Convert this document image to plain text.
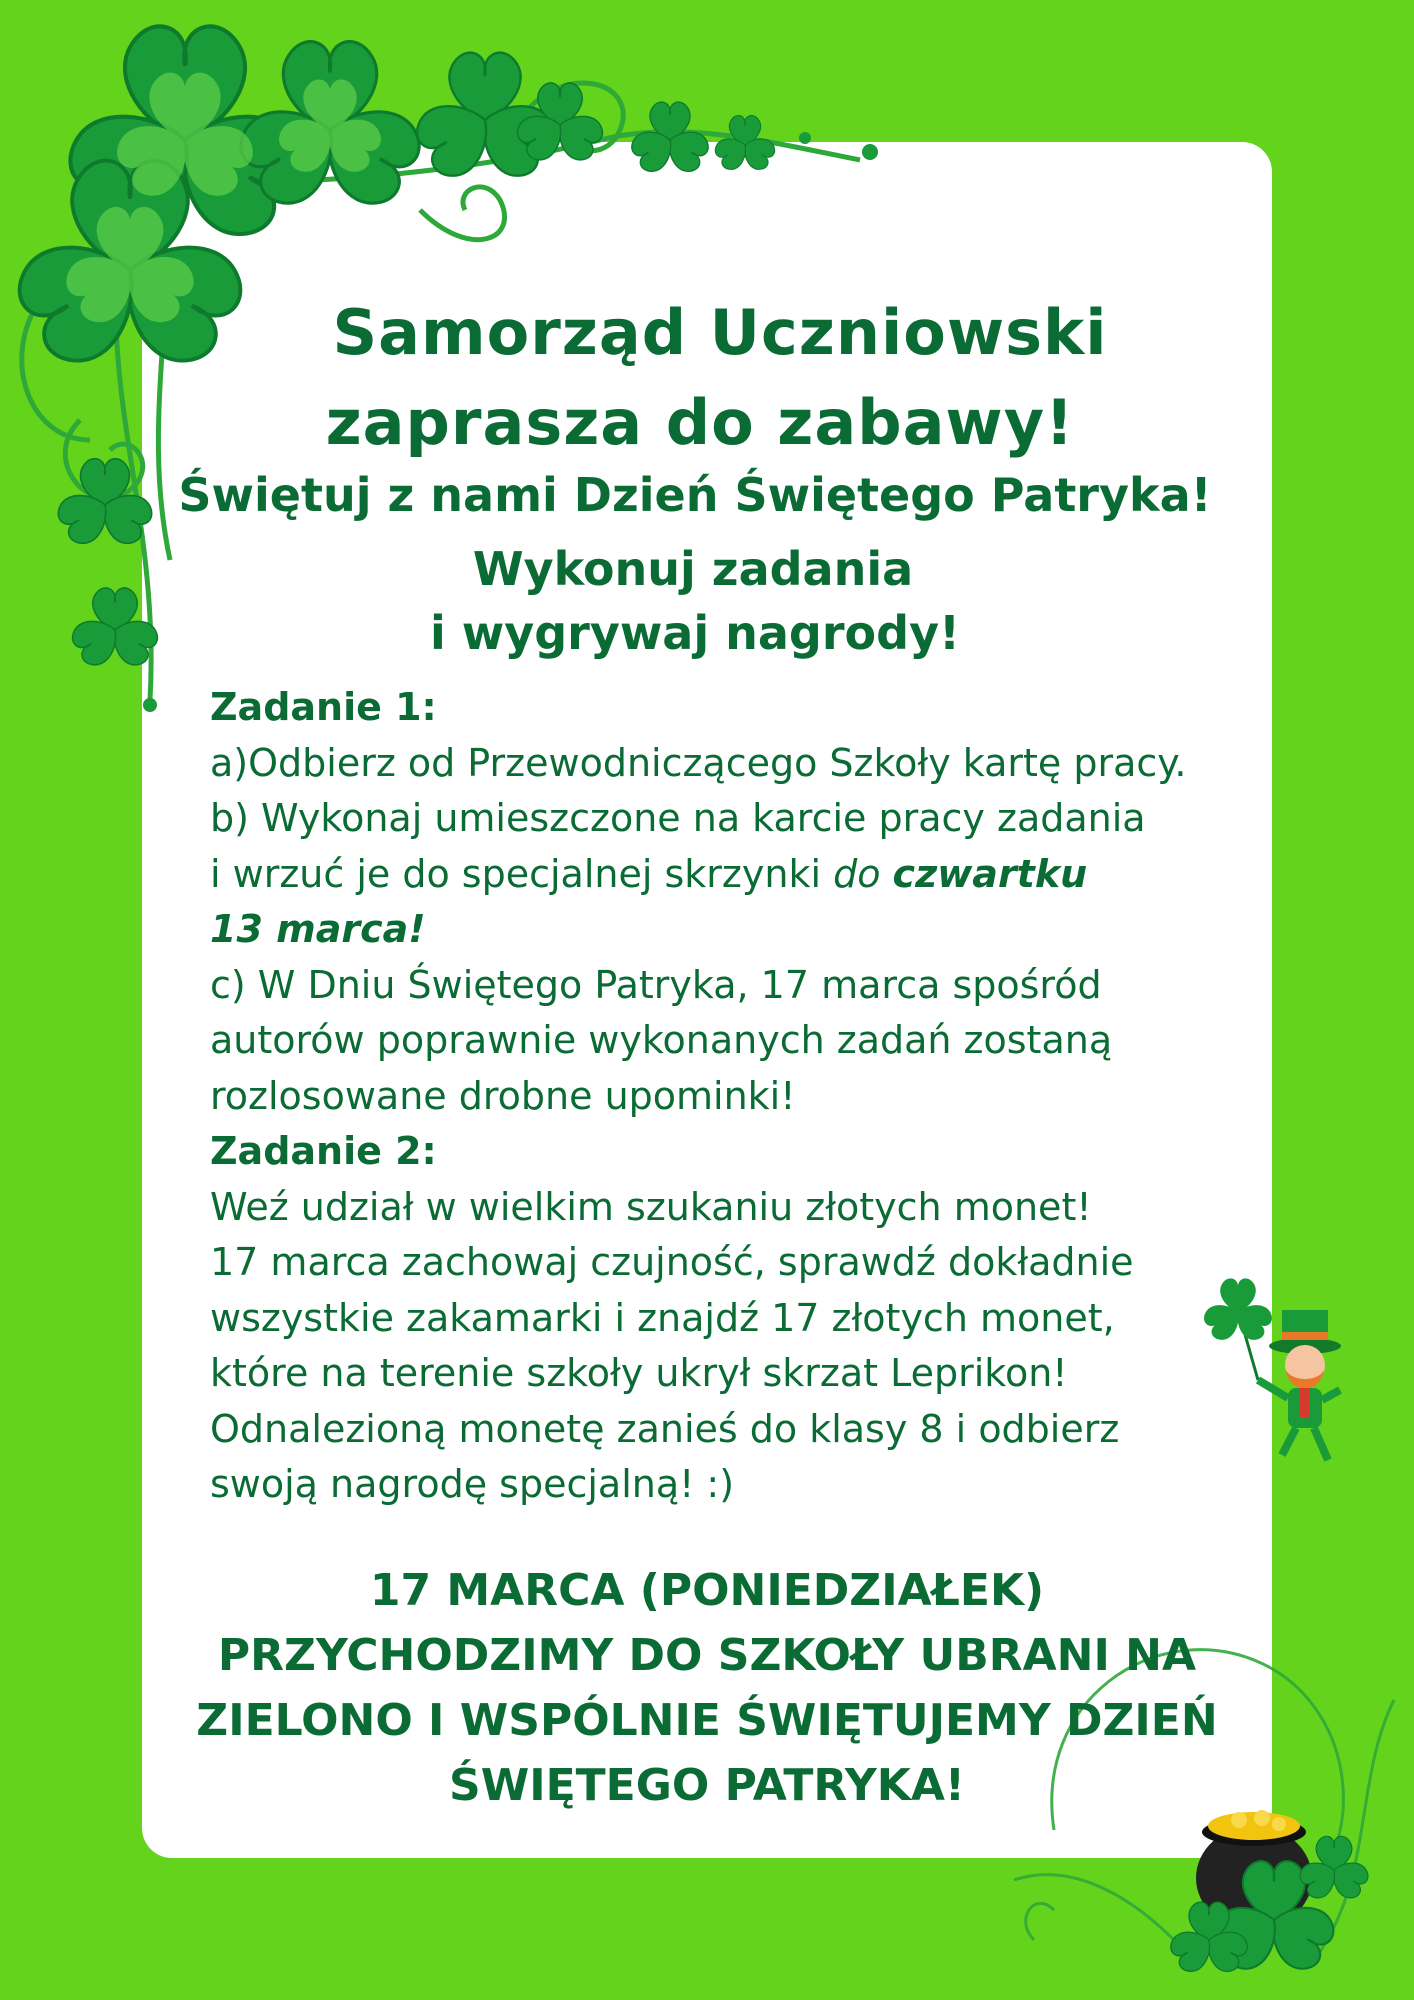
Samorząd Uczniowski
zaprasza do zabawy!

Świętuj z nami Dzień Świętego Patryka!

Wykonuj zadania

i wygrywaj nagrody!

Zadanie 1:

a)Odbierz od Przewodniczącego Szkoły kartę pracy.

b) Wykonaj umieszczone na karcie pracy zadania

i wrzuć je do specjalnej skrzynki do czwartku

13 marca!

c) W Dniu Świętego Patryka, 17 marca spośród

autorów poprawnie wykonanych zadań zostaną

rozlosowane drobne upominki!

Zadanie 2:

Weź udział w wielkim szukaniu złotych monet!

17 marca zachowaj czujność, sprawdź dokładnie

wszystkie zakamarki i znajdź 17 złotych monet,

które na terenie szkoły ukrył skrzat Leprikon!

Odnalezioną monetę zanieś do klasy 8 i odbierz

swoją nagrodę specjalną! :)

17 MARCA (PONIEDZIAŁEK)

PRZYCHODZIMY DO SZKOŁY UBRANI NA

ZIELONO I WSPÓLNIE ŚWIĘTUJEMY DZIEŃ

ŚWIĘTEGO PATRYKA!
